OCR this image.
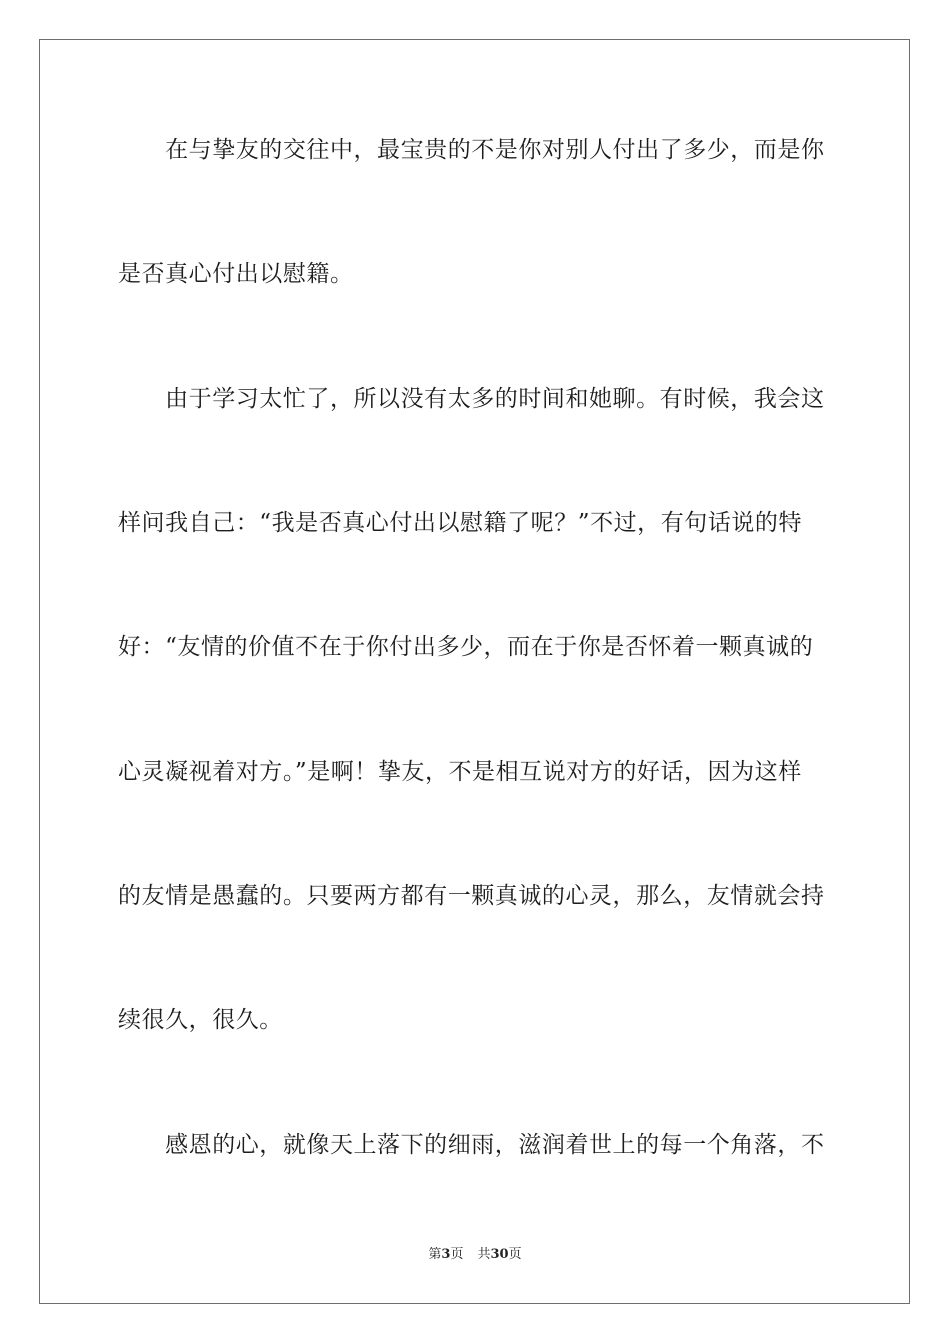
　　在与挚友的交往中，最宝贵的不是你对别人付出了多少，而是你
是否真心付出以慰籍。
　　由于学习太忙了，所以没有太多的时间和她聊。有时候，我会这
样问我自己：“我是否真心付出以慰籍了呢？”不过，有句话说的特
好：“友情的价值不在于你付出多少，而在于你是否怀着一颗真诚的
心灵凝视着对方。”是啊！挚友，不是相互说对方的好话，因为这样
的友情是愚蠢的。只要两方都有一颗真诚的心灵，那么，友情就会持
续很久，很久。
　　感恩的心，就像天上落下的细雨，滋润着世上的每一个角落，不
第3页 共30页
